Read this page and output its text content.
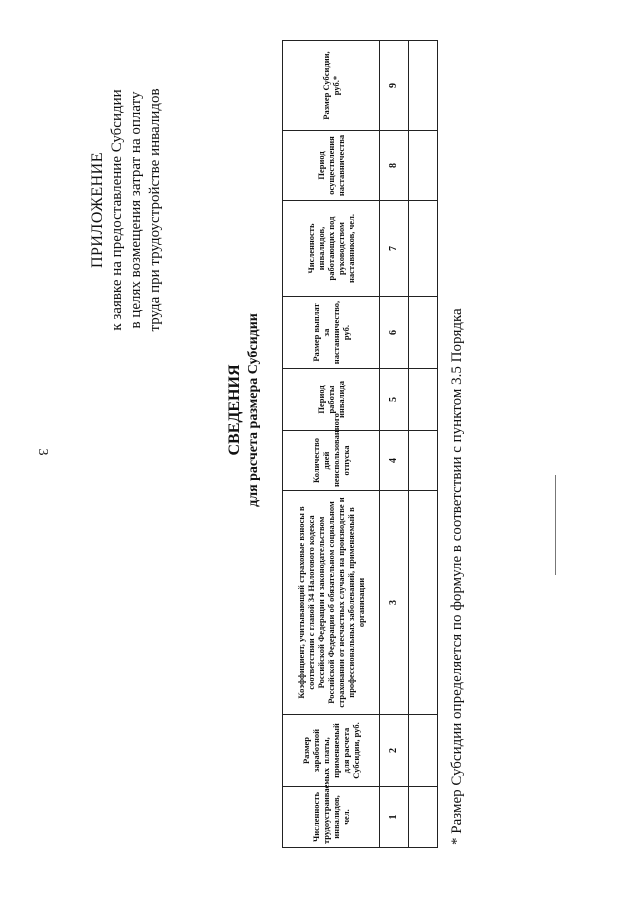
3
ПРИЛОЖЕНИЕ к заявке на предоставление Субсидии в целях возмещения затрат на оплату труда при трудоустройстве инвалидов
СВЕДЕНИЯ для расчета размера Субсидии
Численность трудоустраиваемых инвалидов, чел.	Размер заработной платы, применяемый для расчета Субсидии, руб.	Коэффициент, учитывающий страховые взносы в соответствии с главой 34 Налогового кодекса Российской Федерации и законодательством Российской Федерации об обязательном социальном страховании от несчастных случаев на производстве и профессиональных заболеваний, применяемый в организации	Количество дней неиспользованного отпуска	Период работы инвалида	Размер выплат за наставничество, руб.	Численность инвалидов, работающих под руководством наставников, чел.	Период осуществления наставничества	Размер Субсидии, руб.*
1	2	3	4	5	6	7	8	9

* Размер Субсидии определяется по формуле в соответствии с пунктом 3.5 Порядка
